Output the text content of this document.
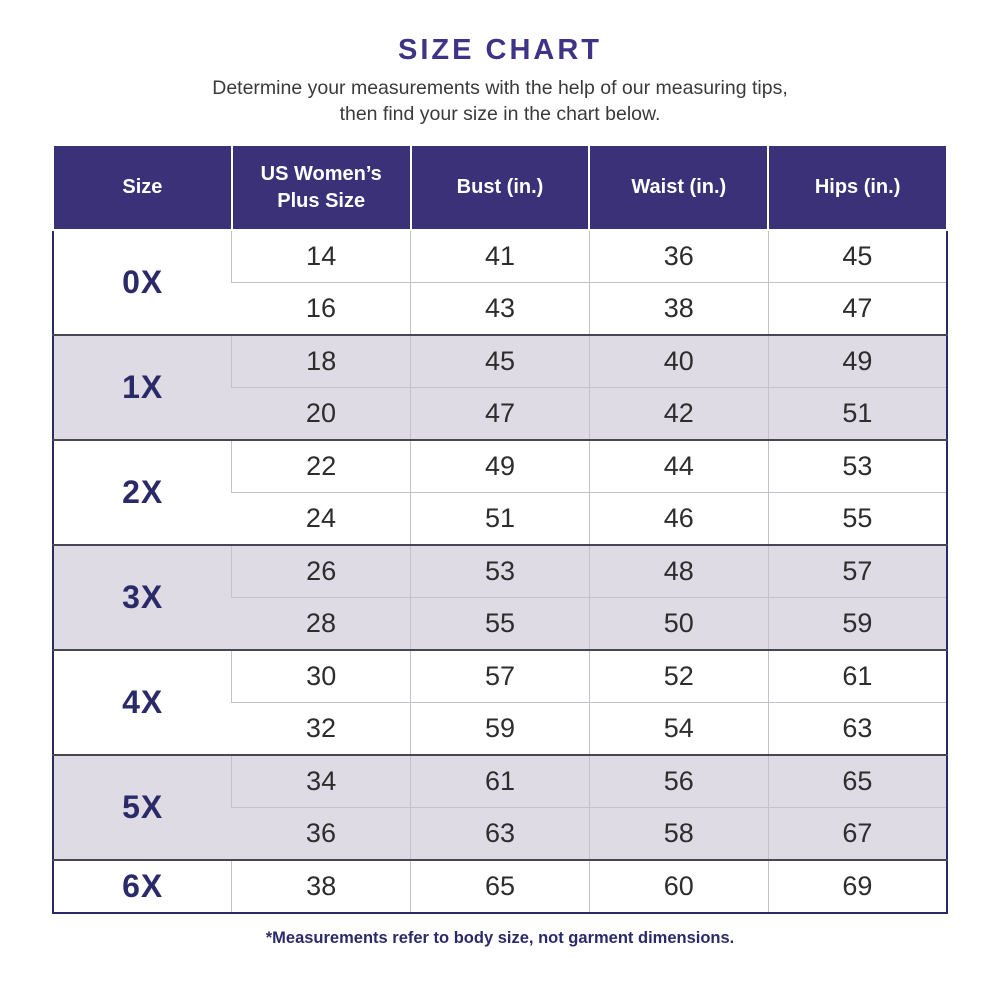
SIZE CHART

Determine your measurements with the help of our measuring tips,
then find your size in the chart below.

Size	US Women’s Plus Size	Bust (in.)	Waist (in.)	Hips (in.)
0X	14	41	36	45
	16	43	38	47
1X	18	45	40	49
	20	47	42	51
2X	22	49	44	53
	24	51	46	55
3X	26	53	48	57
	28	55	50	59
4X	30	57	52	61
	32	59	54	63
5X	34	61	56	65
	36	63	58	67
6X	38	65	60	69

*Measurements refer to body size, not garment dimensions.
